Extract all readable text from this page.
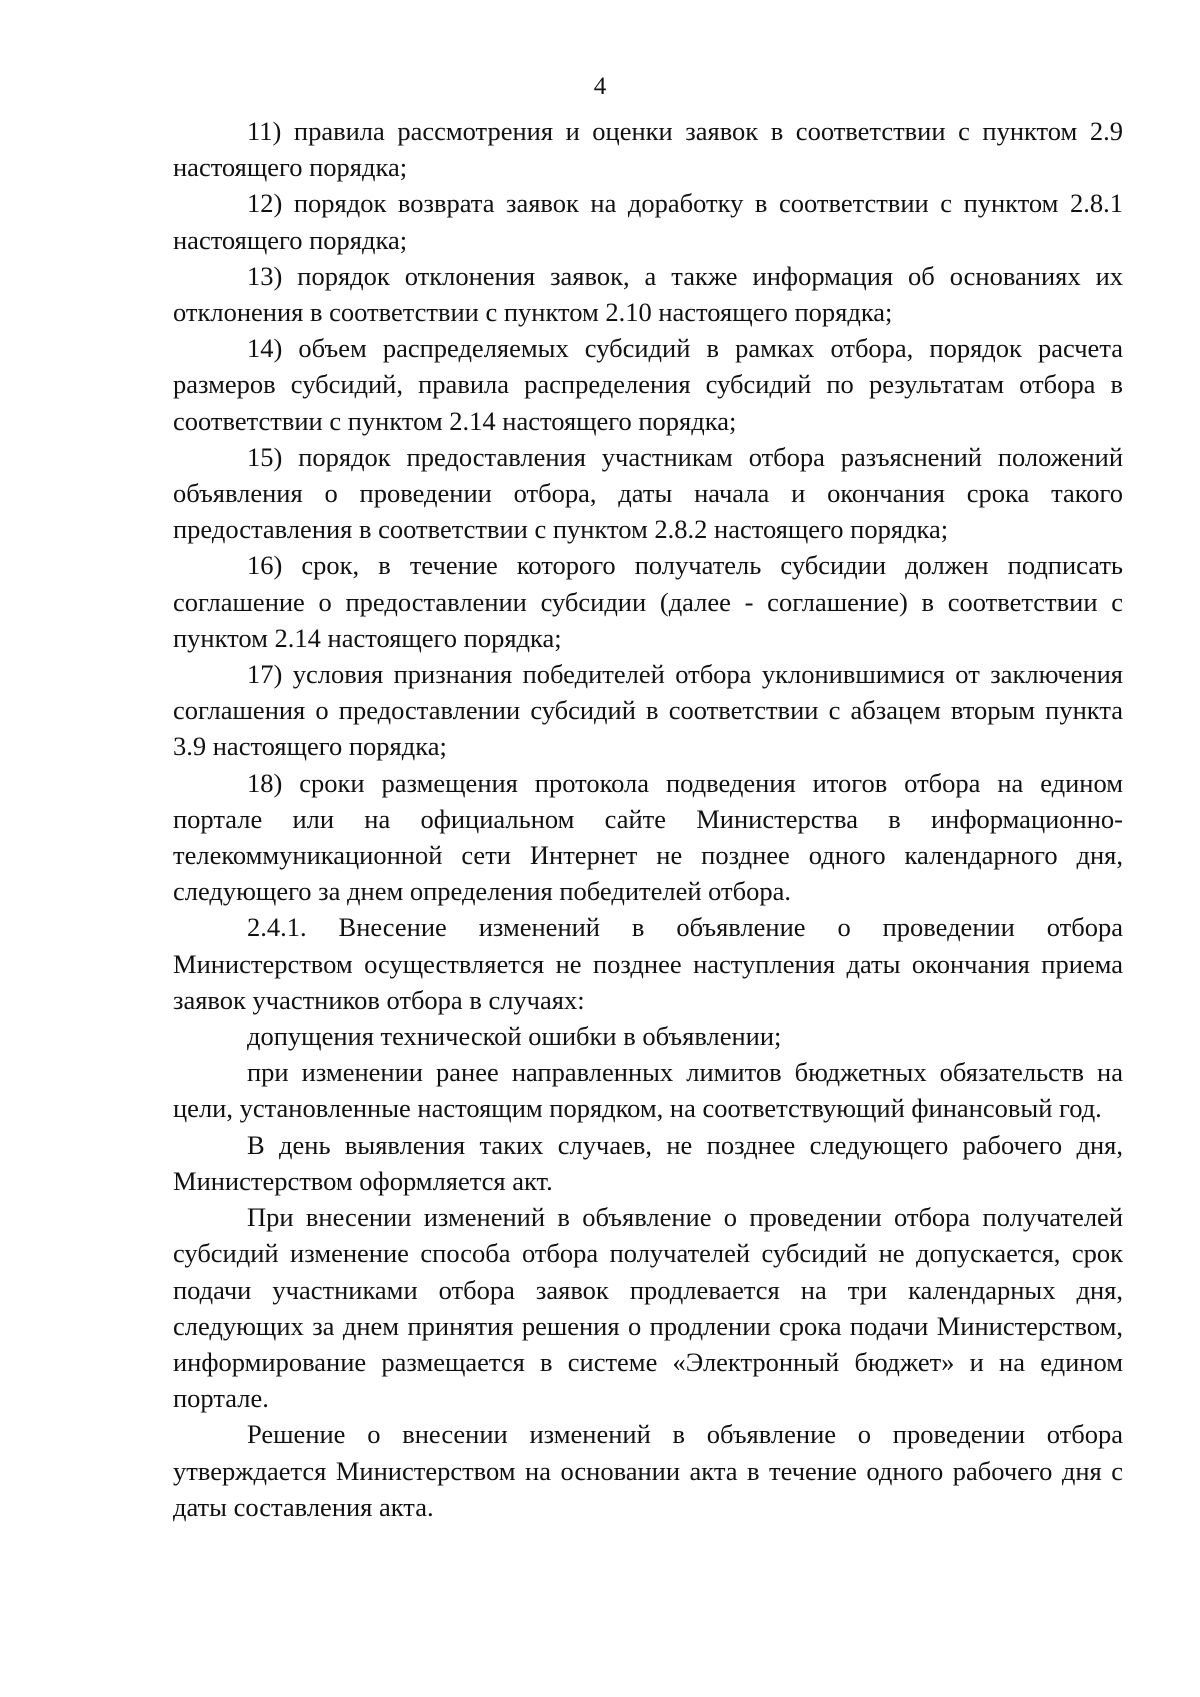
4

11) правила рассмотрения и оценки заявок в соответствии с пунктом 2.9 настоящего порядка;

12) порядок возврата заявок на доработку в соответствии с пунктом 2.8.1 настоящего порядка;

13) порядок отклонения заявок, а также информация об основаниях их отклонения в соответствии с пунктом 2.10 настоящего порядка;

14) объем распределяемых субсидий в рамках отбора, порядок расчета размеров субсидий, правила распределения субсидий по результатам отбора в соответствии с пунктом 2.14 настоящего порядка;

15) порядок предоставления участникам отбора разъяснений положений объявления о проведении отбора, даты начала и окончания срока такого предоставления в соответствии с пунктом 2.8.2 настоящего порядка;

16) срок, в течение которого получатель субсидии должен подписать соглашение о предоставлении субсидии (далее - соглашение) в соответствии с пунктом 2.14 настоящего порядка;

17) условия признания победителей отбора уклонившимися от заключения соглашения о предоставлении субсидий в соответствии с абзацем вторым пункта 3.9 настоящего порядка;

18) сроки размещения протокола подведения итогов отбора на едином портале или на официальном сайте Министерства в информационно-телекоммуникационной сети Интернет не позднее одного календарного дня, следующего за днем определения победителей отбора.

2.4.1. Внесение изменений в объявление о проведении отбора Министерством осуществляется не позднее наступления даты окончания приема заявок участников отбора в случаях:

допущения технической ошибки в объявлении;

при изменении ранее направленных лимитов бюджетных обязательств на цели, установленные настоящим порядком, на соответствующий финансовый год.

В день выявления таких случаев, не позднее следующего рабочего дня, Министерством оформляется акт.

При внесении изменений в объявление о проведении отбора получателей субсидий изменение способа отбора получателей субсидий не допускается, срок подачи участниками отбора заявок продлевается на три календарных дня, следующих за днем принятия решения о продлении срока подачи Министерством, информирование размещается в системе «Электронный бюджет» и на едином портале.

Решение о внесении изменений в объявление о проведении отбора утверждается Министерством на основании акта в течение одного рабочего дня с даты составления акта.
